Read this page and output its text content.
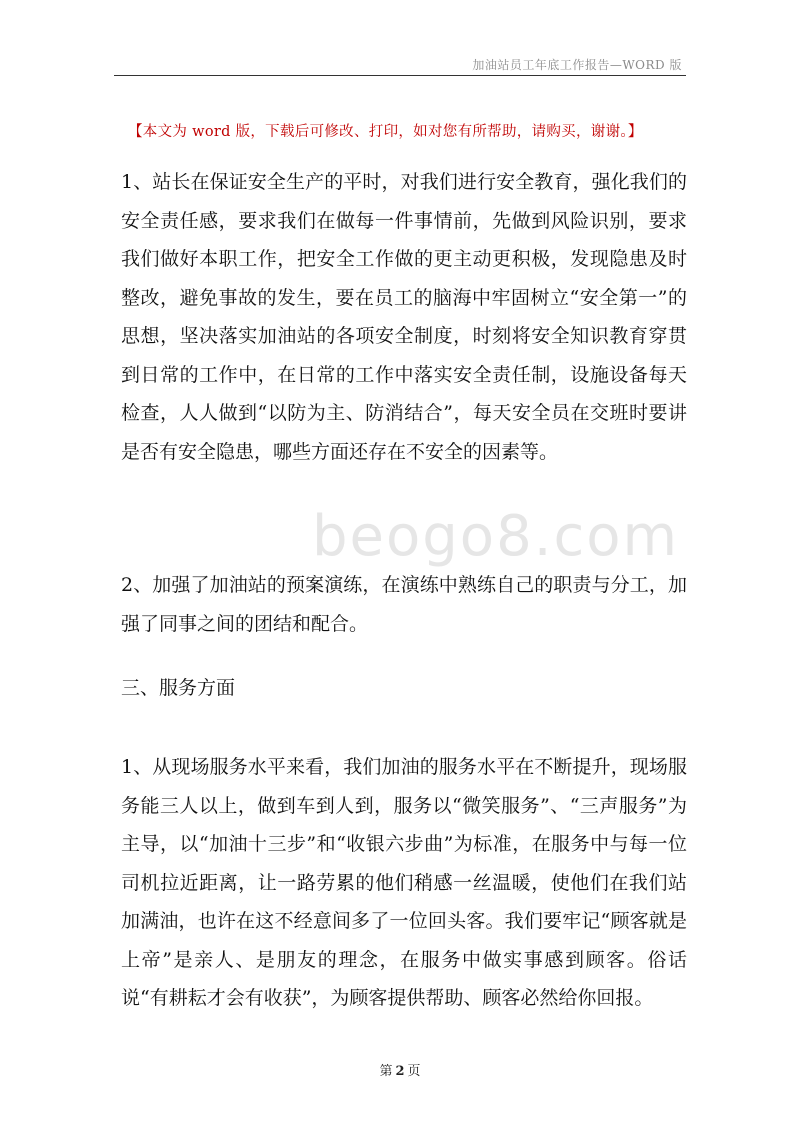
加油站员工年底工作报告—WORD 版
【本文为 word 版，下载后可修改、打印，如对您有所帮助，请购买，谢谢。】
beogo8.com

1、站长在保证安全生产的平时，对我们进行安全教育，强化我们的安全责任感，要求我们在做每一件事情前，先做到风险识别，要求我们做好本职工作，把安全工作做的更主动更积极，发现隐患及时整改，避免事故的发生，要在员工的脑海中牢固树立“安全第一”的思想，坚决落实加油站的各项安全制度，时刻将安全知识教育穿贯到日常的工作中，在日常的工作中落实安全责任制，设施设备每天检查，人人做到“以防为主、防消结合”，每天安全员在交班时要讲是否有安全隐患，哪些方面还存在不安全的因素等。

2、加强了加油站的预案演练，在演练中熟练自己的职责与分工，加强了同事之间的团结和配合。

三、服务方面

1、从现场服务水平来看，我们加油的服务水平在不断提升，现场服务能三人以上，做到车到人到，服务以“微笑服务”、“三声服务”为主导，以“加油十三步”和“收银六步曲”为标准，在服务中与每一位司机拉近距离，让一路劳累的他们稍感一丝温暖，使他们在我们站加满油，也许在这不经意间多了一位回头客。我们要牢记“顾客就是上帝”是亲人、是朋友的理念，在服务中做实事感到顾客。俗话说“有耕耘才会有收获”，为顾客提供帮助、顾客必然给你回报。

第 2 页
